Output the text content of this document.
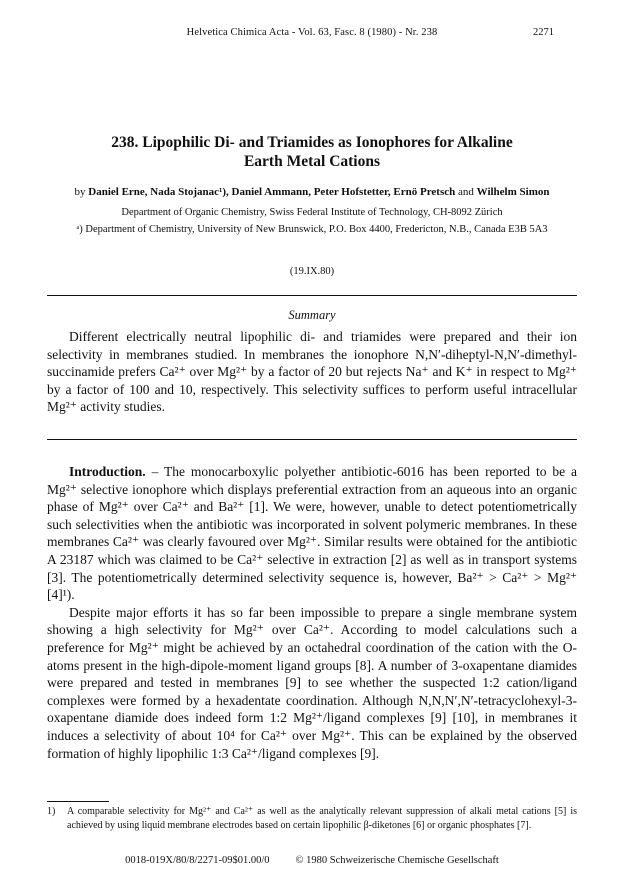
Helvetica Chimica Acta - Vol. 63, Fasc. 8 (1980) - Nr. 238	2271
238. Lipophilic Di- and Triamides as Ionophores for Alkaline Earth Metal Cations
by Daniel Erne, Nada Stojanac¹), Daniel Ammann, Peter Hofstetter, Ernö Pretsch and Wilhelm Simon
Department of Organic Chemistry, Swiss Federal Institute of Technology, CH-8092 Zürich
ᵃ) Department of Chemistry, University of New Brunswick, P.O. Box 4400, Fredericton, N.B., Canada E3B 5A3
(19.IX.80)
Summary
Different electrically neutral lipophilic di- and triamides were prepared and their ion selectivity in membranes studied. In membranes the ionophore N,N′-diheptyl-N,N′-dimethyl-succinamide prefers Ca²⁺ over Mg²⁺ by a factor of 20 but rejects Na⁺ and K⁺ in respect to Mg²⁺ by a factor of 100 and 10, respectively. This selectivity suffices to perform useful intracellular Mg²⁺ activity studies.

Introduction. – The monocarboxylic polyether antibiotic-6016 has been reported to be a Mg²⁺ selective ionophore which displays preferential extraction from an aqueous into an organic phase of Mg²⁺ over Ca²⁺ and Ba²⁺ [1]. We were, however, unable to detect potentiometrically such selectivities when the antibiotic was incorporated in solvent polymeric membranes. In these membranes Ca²⁺ was clearly favoured over Mg²⁺. Similar results were obtained for the antibiotic A 23187 which was claimed to be Ca²⁺ selective in extraction [2] as well as in transport systems [3]. The potentiometrically determined selectivity sequence is, however, Ba²⁺ > Ca²⁺ > Mg²⁺ [4]¹).

Despite major efforts it has so far been impossible to prepare a single membrane system showing a high selectivity for Mg²⁺ over Ca²⁺. According to model calculations such a preference for Mg²⁺ might be achieved by an octahedral coordination of the cation with the O-atoms present in the high-dipole-moment ligand groups [8]. A number of 3-oxapentane diamides were prepared and tested in membranes [9] to see whether the suspected 1:2 cation/ligand complexes were formed by a hexadentate coordination. Although N,N,N′,N′-tetracyclohexyl-3-oxapentane diamide does indeed form 1:2 Mg²⁺/ligand complexes [9] [10], in membranes it induces a selectivity of about 10⁴ for Ca²⁺ over Mg²⁺. This can be explained by the observed formation of highly lipophilic 1:3 Ca²⁺/ligand complexes [9].

1)	A comparable selectivity for Mg²⁺ and Ca²⁺ as well as the analytically relevant suppression of alkali metal cations [5] is achieved by using liquid membrane electrodes based on certain lipophilic β-diketones [6] or organic phosphates [7].
0018-019X/80/8/2271-09$01.00/0 © 1980 Schweizerische Chemische Gesellschaft
